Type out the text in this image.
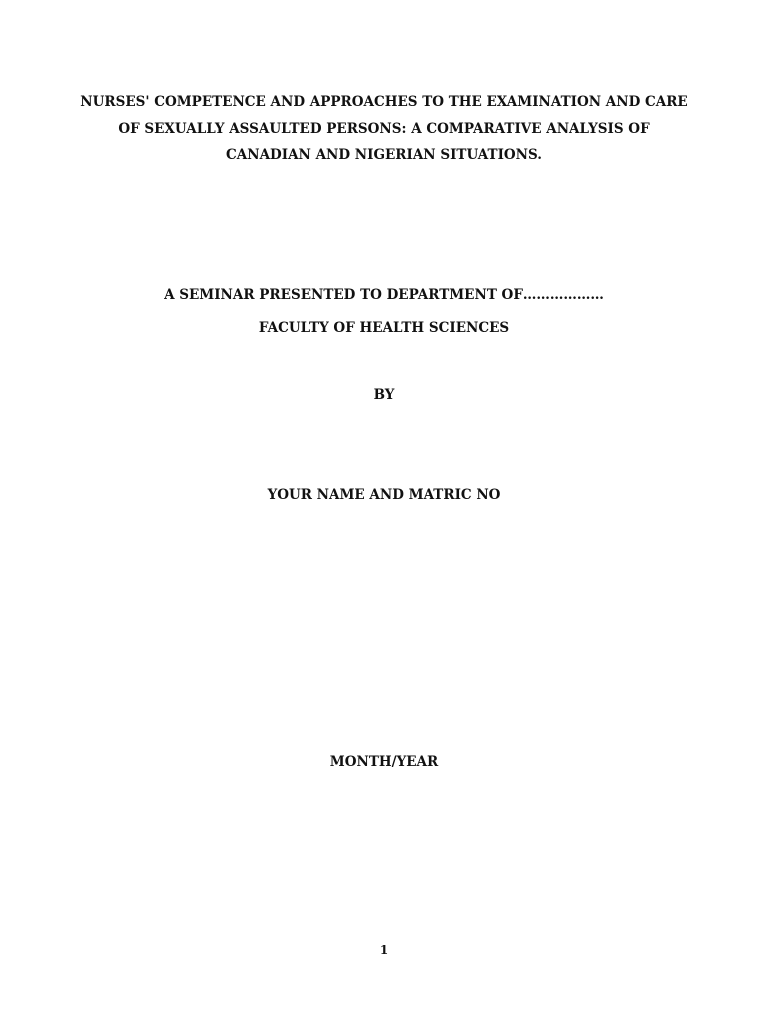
NURSES' COMPETENCE AND APPROACHES TO THE EXAMINATION AND CARE
OF SEXUALLY ASSAULTED PERSONS: A COMPARATIVE ANALYSIS OF
CANADIAN AND NIGERIAN SITUATIONS.
A SEMINAR PRESENTED TO DEPARTMENT OF………………
FACULTY OF HEALTH SCIENCES
BY
YOUR NAME AND MATRIC NO
MONTH/YEAR
1
